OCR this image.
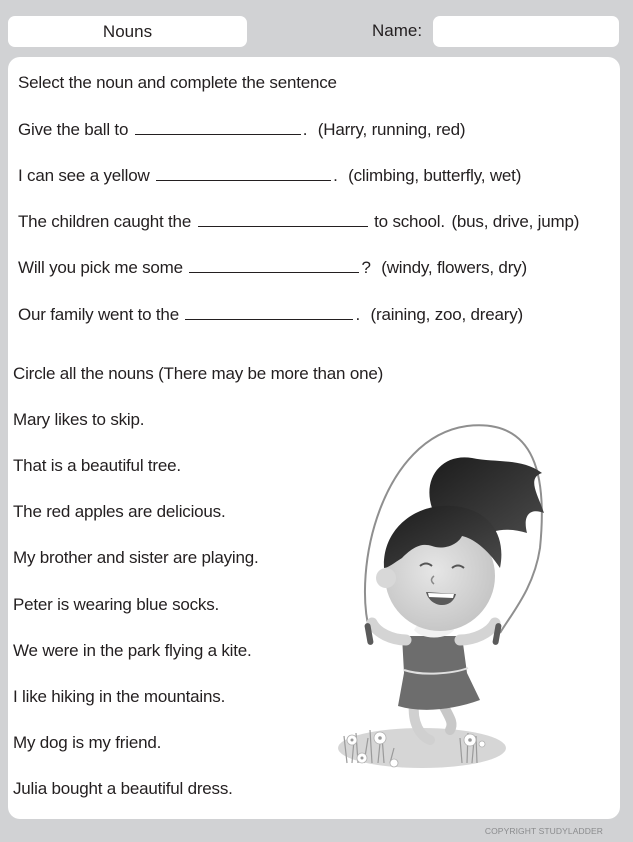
Nouns	Name:
Select the noun and complete the sentence
Give the ball to	. (Harry, running, red)
I can see a yellow	. (climbing, butterfly, wet)
The children caught the	to school. (bus, drive, jump)
Will you pick me some	? (windy, flowers, dry)
Our family went to the	. (raining, zoo, dreary)
Circle all the nouns (There may be more than one)
Mary likes to skip.
That is a beautiful tree.
The red apples are delicious.
My brother and sister are playing.
Peter is wearing blue socks.
We were in the park flying a kite.
I like hiking in the mountains.
My dog is my friend.
Julia bought a beautiful dress.
COPYRIGHT STUDYLADDER
